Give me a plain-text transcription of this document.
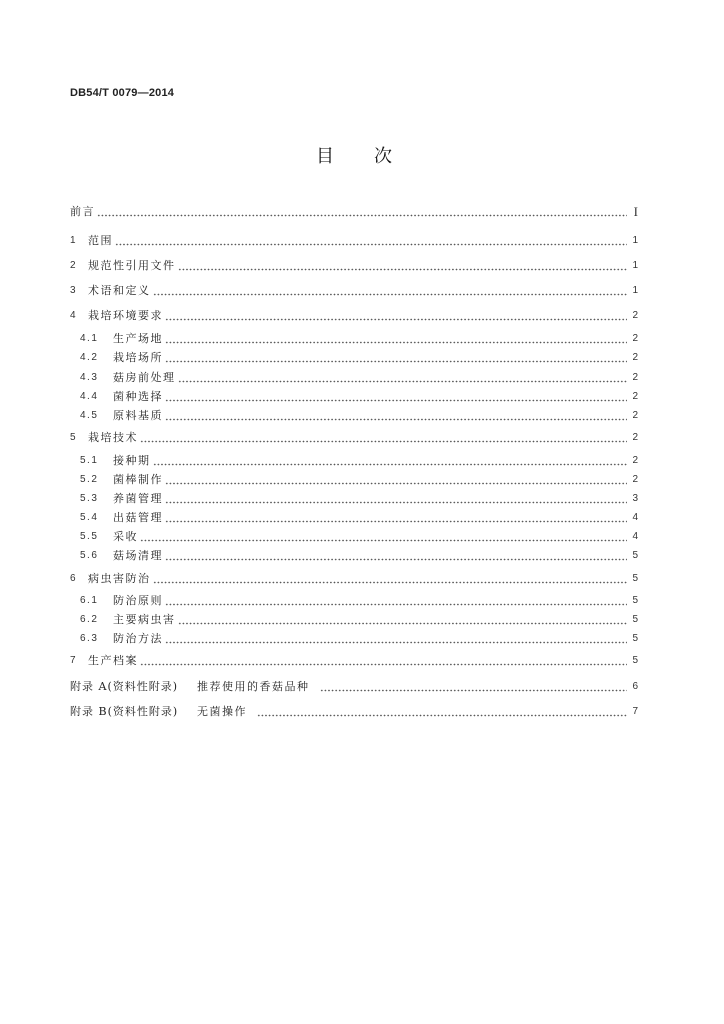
DB54/T 0079—2014
目次
前言	I
1	范围	1
2	规范性引用文件	1
3	术语和定义	1
4	栽培环境要求	2
4.1	生产场地	2
4.2	栽培场所	2
4.3	菇房前处理	2
4.4	菌种选择	2
4.5	原料基质	2
5	栽培技术	2
5.1	接种期	2
5.2	菌棒制作	2
5.3	养菌管理	3
5.4	出菇管理	4
5.5	采收	4
5.6	菇场清理	5
6	病虫害防治	5
6.1	防治原则	5
6.2	主要病虫害	5
6.3	防治方法	5
7	生产档案	5
附录 A(资料性附录)	推荐使用的香菇品种	6
附录 B(资料性附录)	无菌操作	7
